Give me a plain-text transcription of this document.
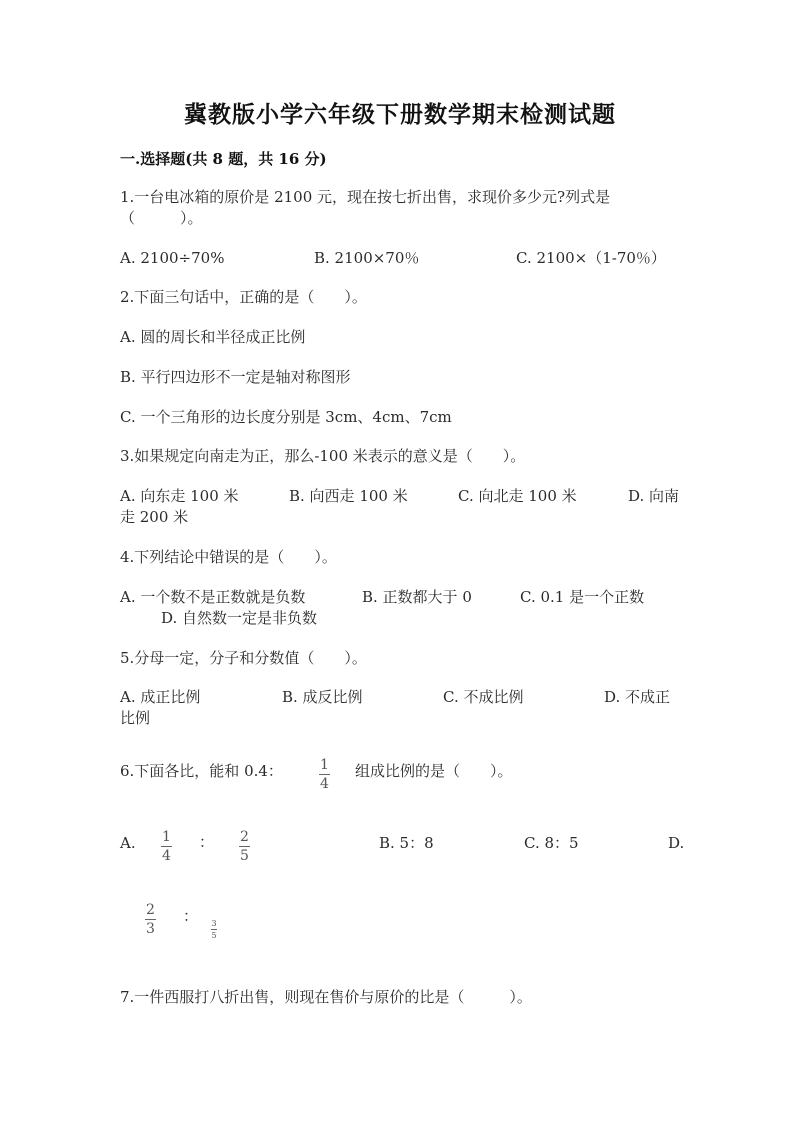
冀教版小学六年级下册数学期末检测试题
一.选择题(共 8 题，共 16 分)
1.一台电冰箱的原价是 2100 元，现在按七折出售，求现价多少元?列式是
（　　　）。
A. 2100÷70%	B. 2100×70％	C. 2100×（1-70％）
2.下面三句话中，正确的是（　　）。
A. 圆的周长和半径成正比例
B. 平行四边形不一定是轴对称图形
C. 一个三角形的边长度分别是 3cm、4cm、7cm
3.如果规定向南走为正，那么-100 米表示的意义是（　　）。
A. 向东走 100 米	B. 向西走 100 米	C. 向北走 100 米	D. 向南
走 200 米
4.下列结论中错误的是（　　）。
A. 一个数不是正数就是负数	B. 正数都大于 0	C. 0.1 是一个正数
D. 自然数一定是非负数
5.分母一定，分子和分数值（　　）。
A. 成正比例	B. 成反比例	C. 不成比例	D. 不成正
比例
6.下面各比，能和 0.4：	1
4
组成比例的是（　　）。
A. 1
4
： 2
5
B. 5：8	C. 8：5	D.
2
3
： 3
5
7.一件西服打八折出售，则现在售价与原价的比是（　　　）。
